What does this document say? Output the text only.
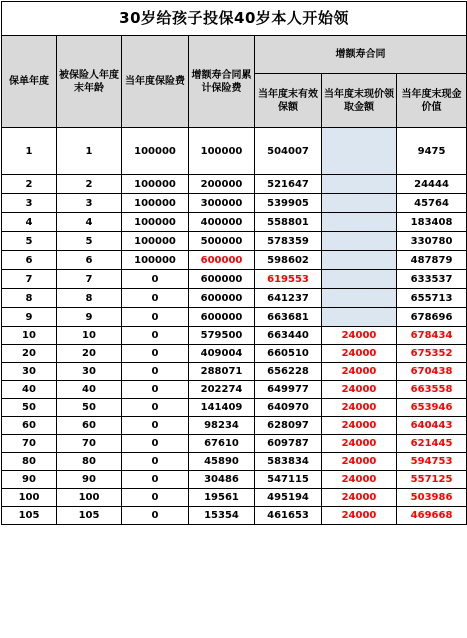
30岁给孩子投保40岁本人开始领						
保单年度	被保险人年度末年龄	当年度保险费	增额寿合同累计保险费	增额寿合同		
				当年度末有效保额	当年度末现价领取金额	当年度末现金价值
1	1	100000	100000	504007		9475
2	2	100000	200000	521647		24444
3	3	100000	300000	539905		45764
4	4	100000	400000	558801		183408
5	5	100000	500000	578359		330780
6	6	100000	600000	598602		487879
7	7	0	600000	619553		633537
8	8	0	600000	641237		655713
9	9	0	600000	663681		678696
10	10	0	579500	663440	24000	678434
20	20	0	409004	660510	24000	675352
30	30	0	288071	656228	24000	670438
40	40	0	202274	649977	24000	663558
50	50	0	141409	640970	24000	653946
60	60	0	98234	628097	24000	640443
70	70	0	67610	609787	24000	621445
80	80	0	45890	583834	24000	594753
90	90	0	30486	547115	24000	557125
100	100	0	19561	495194	24000	503986
105	105	0	15354	461653	24000	469668
